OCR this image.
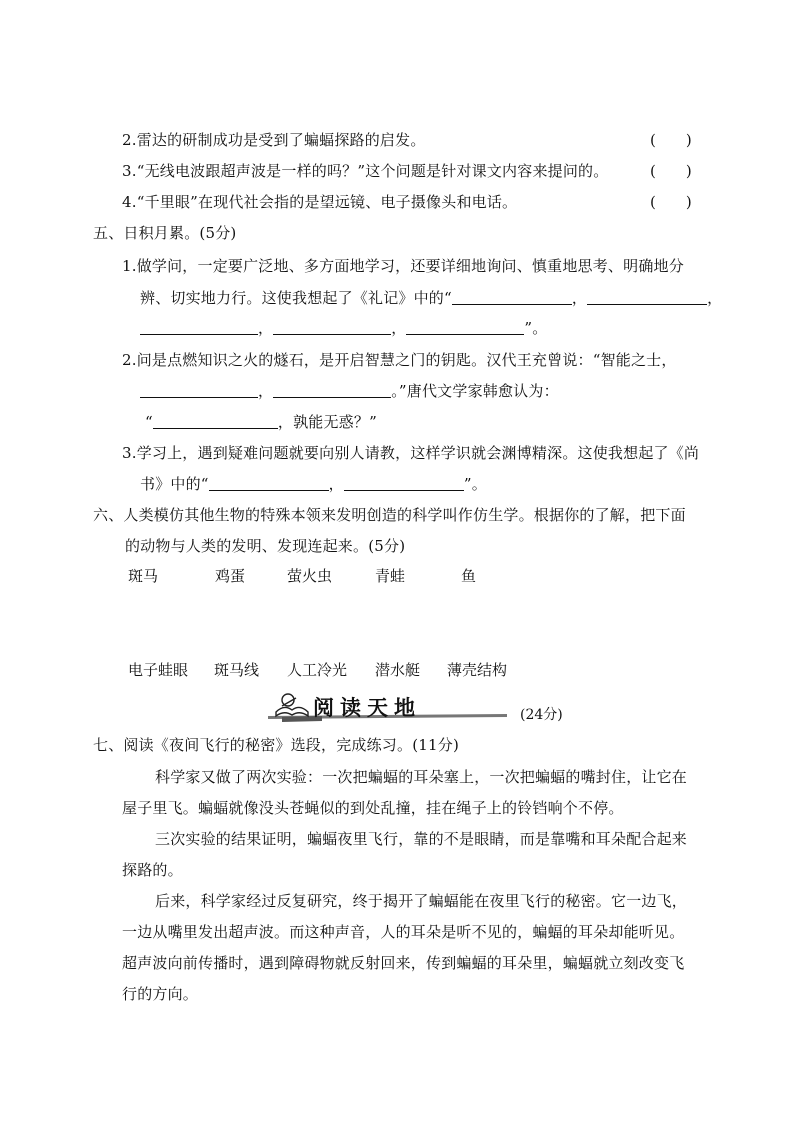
2.雷达的研制成功是受到了蝙蝠探路的启发。	(　　)
3.“无线电波跟超声波是一样的吗？”这个问题是针对课文内容来提问的。	(　　)
4.“千里眼”在现代社会指的是望远镜、电子摄像头和电话。	(　　)
五、日积月累。(5分)
1.做学问，一定要广泛地、多方面地学习，还要详细地询问、慎重地思考、明确地分
辨、切实地力行。这使我想起了《礼记》中的“	，	，
，	，	”。
2.问是点燃知识之火的燧石，是开启智慧之门的钥匙。汉代王充曾说：“智能之士，
，	。”唐代文学家韩愈认为：
“	，孰能无惑？”
3.学习上，遇到疑难问题就要向别人请教，这样学识就会渊博精深。这使我想起了《尚
书》中的“	，	”。
六、人类模仿其他生物的特殊本领来发明创造的科学叫作仿生学。根据你的了解，把下面
的动物与人类的发明、发现连起来。(5分)
斑马	鸡蛋	萤火虫	青蛙	鱼
电子蛙眼 斑马线 人工冷光 潜水艇 薄壳结构
阅读天地	(24分)
七、阅读《夜间飞行的秘密》选段，完成练习。(11分)
科学家又做了两次实验：一次把蝙蝠的耳朵塞上，一次把蝙蝠的嘴封住，让它在
屋子里飞。蝙蝠就像没头苍蝇似的到处乱撞，挂在绳子上的铃铛响个不停。
三次实验的结果证明，蝙蝠夜里飞行，靠的不是眼睛，而是靠嘴和耳朵配合起来
探路的。
后来，科学家经过反复研究，终于揭开了蝙蝠能在夜里飞行的秘密。它一边飞，
一边从嘴里发出超声波。而这种声音，人的耳朵是听不见的，蝙蝠的耳朵却能听见。
超声波向前传播时，遇到障碍物就反射回来，传到蝙蝠的耳朵里，蝙蝠就立刻改变飞
行的方向。
